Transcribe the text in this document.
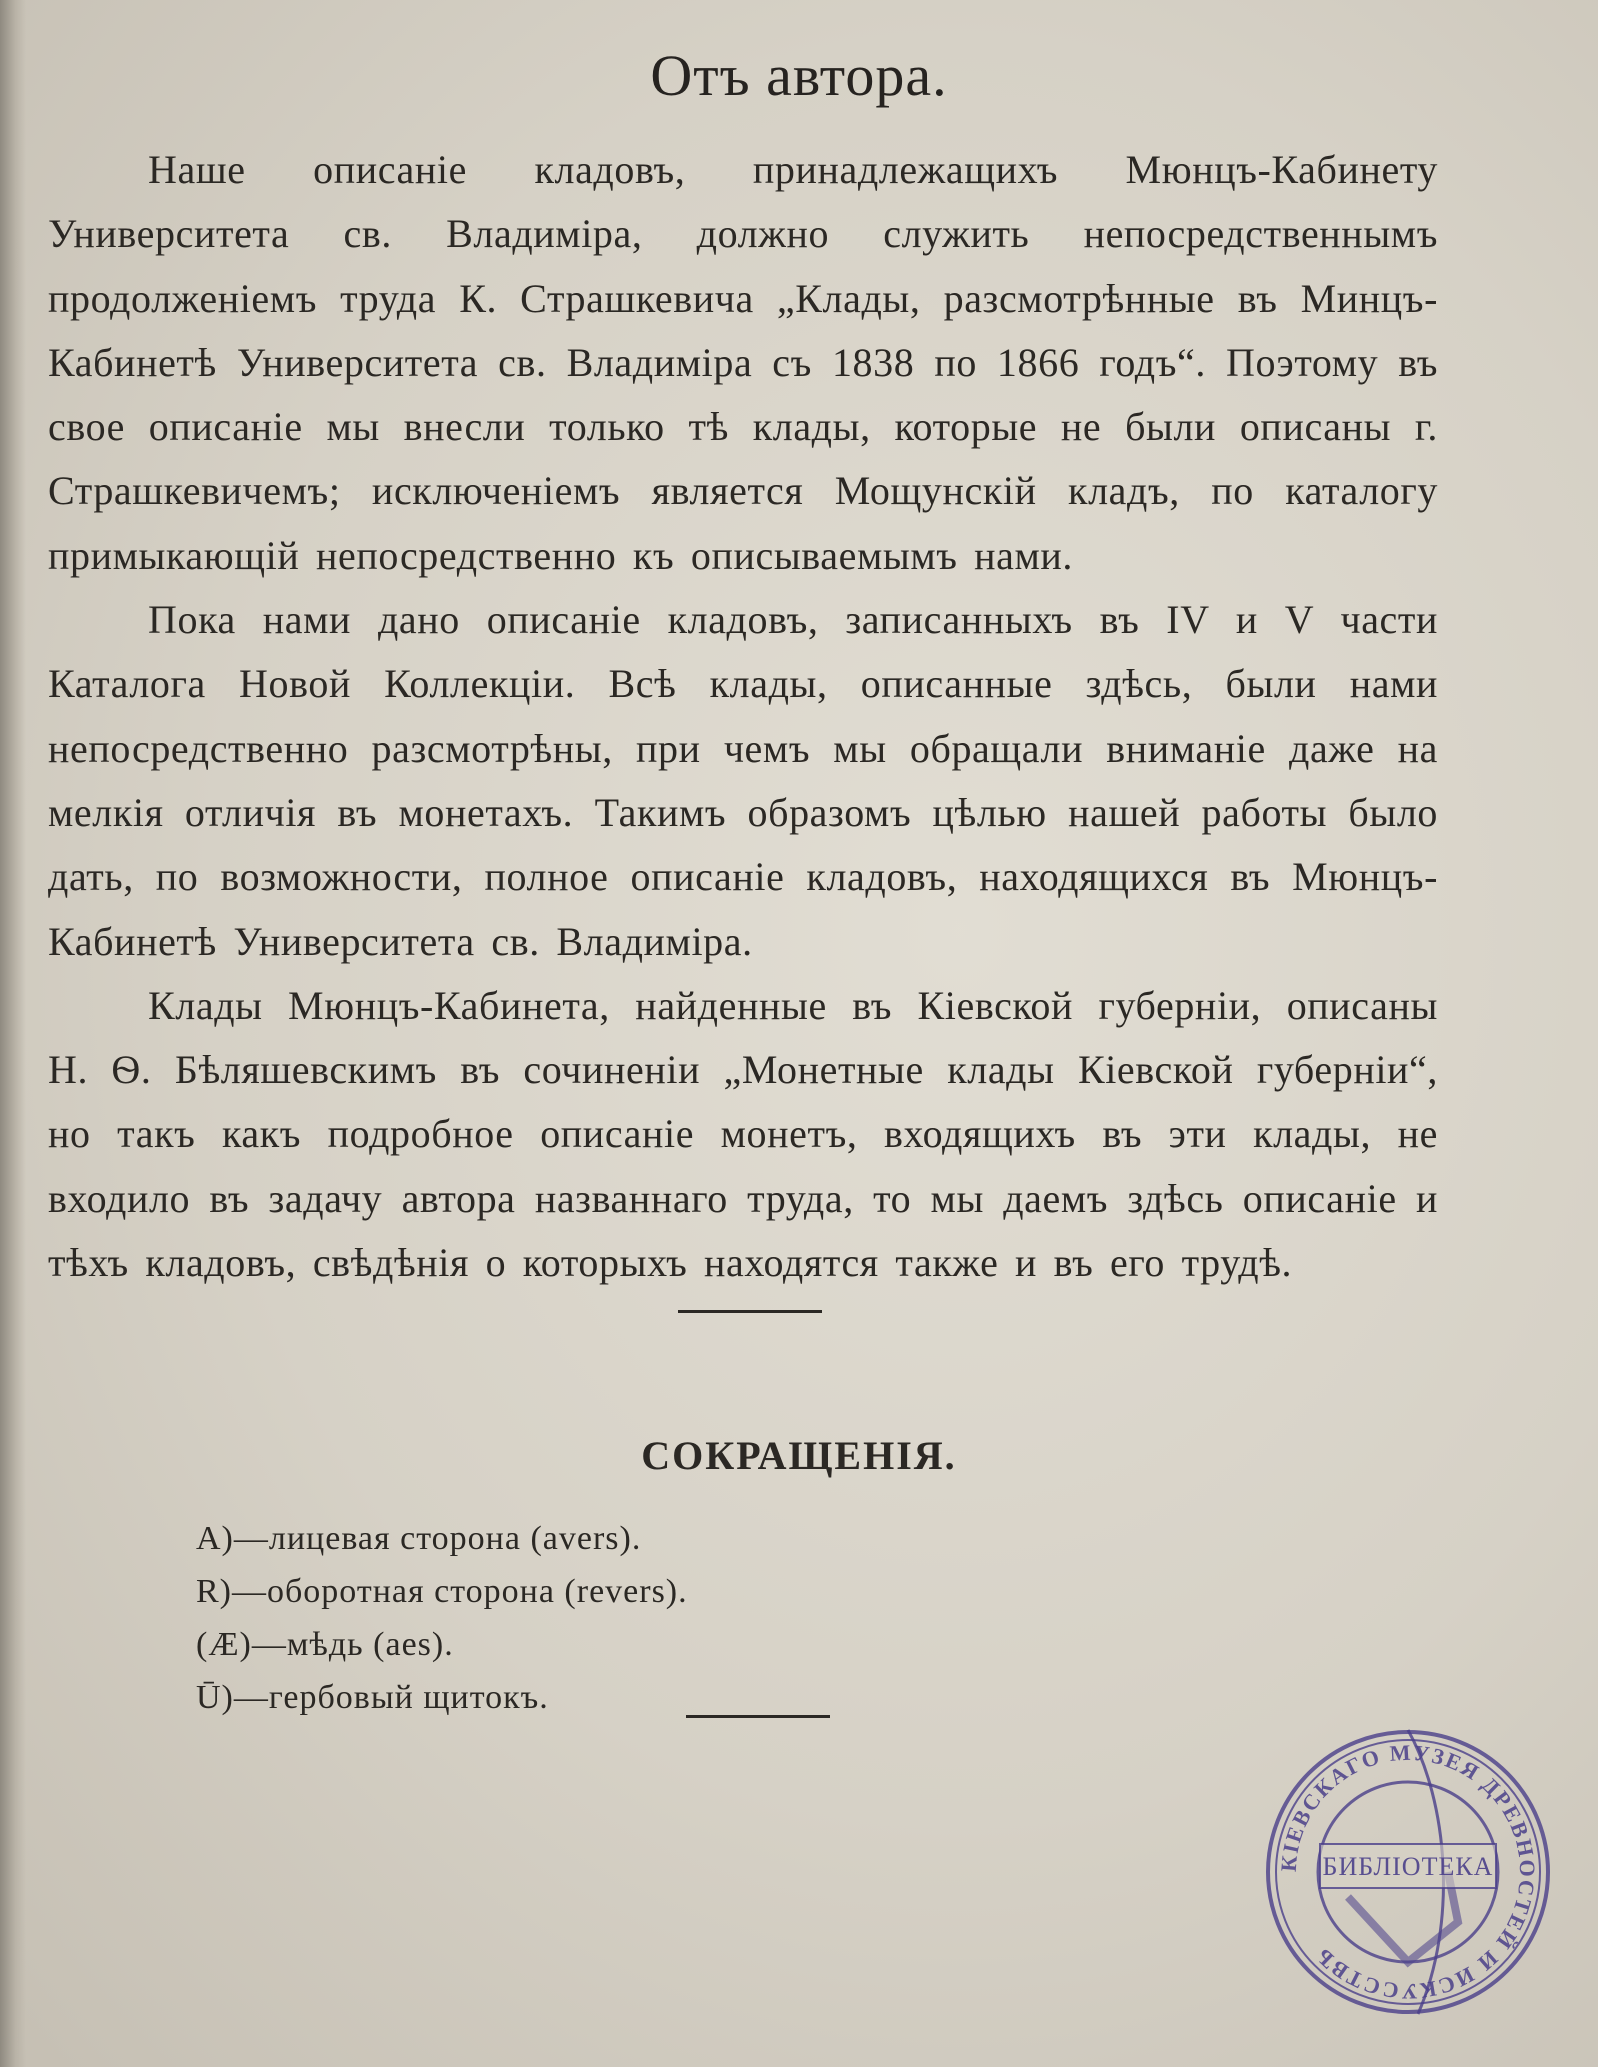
Отъ автора.

Наше описаніе кладовъ, принадлежащихъ Мюнцъ-Кабинету Университета св. Владиміра, должно служить непосредственнымъ продолженіемъ труда К. Страшкевича „Клады, разсмотрѣнные въ Минцъ-Кабинетѣ Университета св. Владиміра съ 1838 по 1866 годъ“. Поэтому въ свое описаніе мы внесли только тѣ клады, которые не были описаны г. Страшкевичемъ; исключеніемъ является Мощунскій кладъ, по каталогу примыкающій непосредственно къ описываемымъ нами.

Пока нами дано описаніе кладовъ, записанныхъ въ IV и V части Каталога Новой Коллекціи. Всѣ клады, описанные здѣсь, были нами непосредственно разсмотрѣны, при чемъ мы обращали вниманіе даже на мелкія отличія въ монетахъ. Такимъ образомъ цѣлью нашей работы было дать, по возможности, полное описаніе кладовъ, находящихся въ Мюнцъ-Кабинетѣ Университета св. Владиміра.

Клады Мюнцъ-Кабинета, найденные въ Кіевской губерніи, описаны Н. Ѳ. Бѣляшевскимъ въ сочиненіи „Монетные клады Кіевской губерніи“, но такъ какъ подробное описаніе монетъ, входящихъ въ эти клады, не входило въ задачу автора названнаго труда, то мы даемъ здѣсь описаніе и тѣхъ кладовъ, свѣдѣнія о которыхъ находятся также и въ его трудѣ.

СОКРАЩЕНІЯ.
A)—лицевая сторона (avers).
R)—оборотная сторона (revers).
(Æ)—мѣдь (aes).
Ū)—гербовый щитокъ.
КІЕВСКАГО МУЗЕЯ ДРЕВНОСТЕЙ И ИСКУССТВЪ
БИБЛІОТЕКА
